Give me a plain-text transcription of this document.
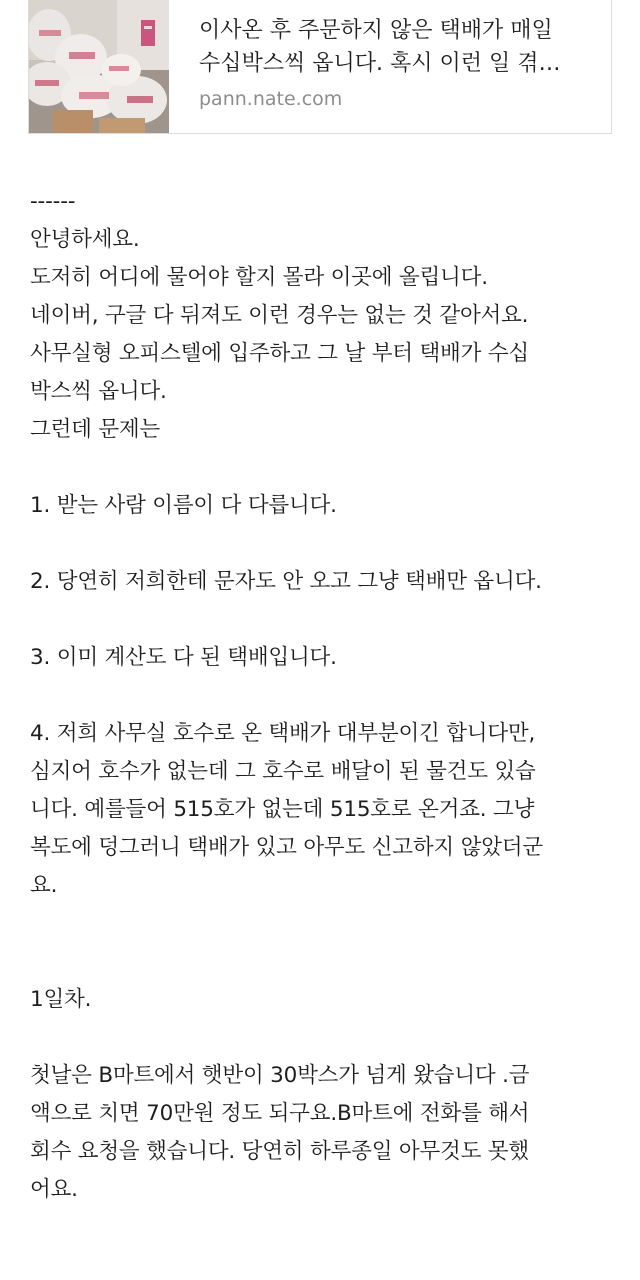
이사온 후 주문하지 않은 택배가 매일 수십박스씩 옵니다. 혹시 이런 일 겪…

pann.nate.com

------

안녕하세요.

도저히 어디에 물어야 할지 몰라 이곳에 올립니다.

네이버, 구글 다 뒤져도 이런 경우는 없는 것 같아서요.

사무실형 오피스텔에 입주하고 그 날 부터 택배가 수십

박스씩 옵니다.

그런데 문제는

1. 받는 사람 이름이 다 다릅니다.

2. 당연히 저희한테 문자도 안 오고 그냥 택배만 옵니다.

3. 이미 계산도 다 된 택배입니다.

4. 저희 사무실 호수로 온 택배가 대부분이긴 합니다만,

심지어 호수가 없는데 그 호수로 배달이 된 물건도 있습

니다. 예를들어 515호가 없는데 515호로 온거죠. 그냥

복도에 덩그러니 택배가 있고 아무도 신고하지 않았더군

요.

1일차.

첫날은 B마트에서 햇반이 30박스가 넘게 왔습니다 .금

액으로 치면 70만원 정도 되구요.B마트에 전화를 해서

회수 요청을 했습니다. 당연히 하루종일 아무것도 못했

어요.
